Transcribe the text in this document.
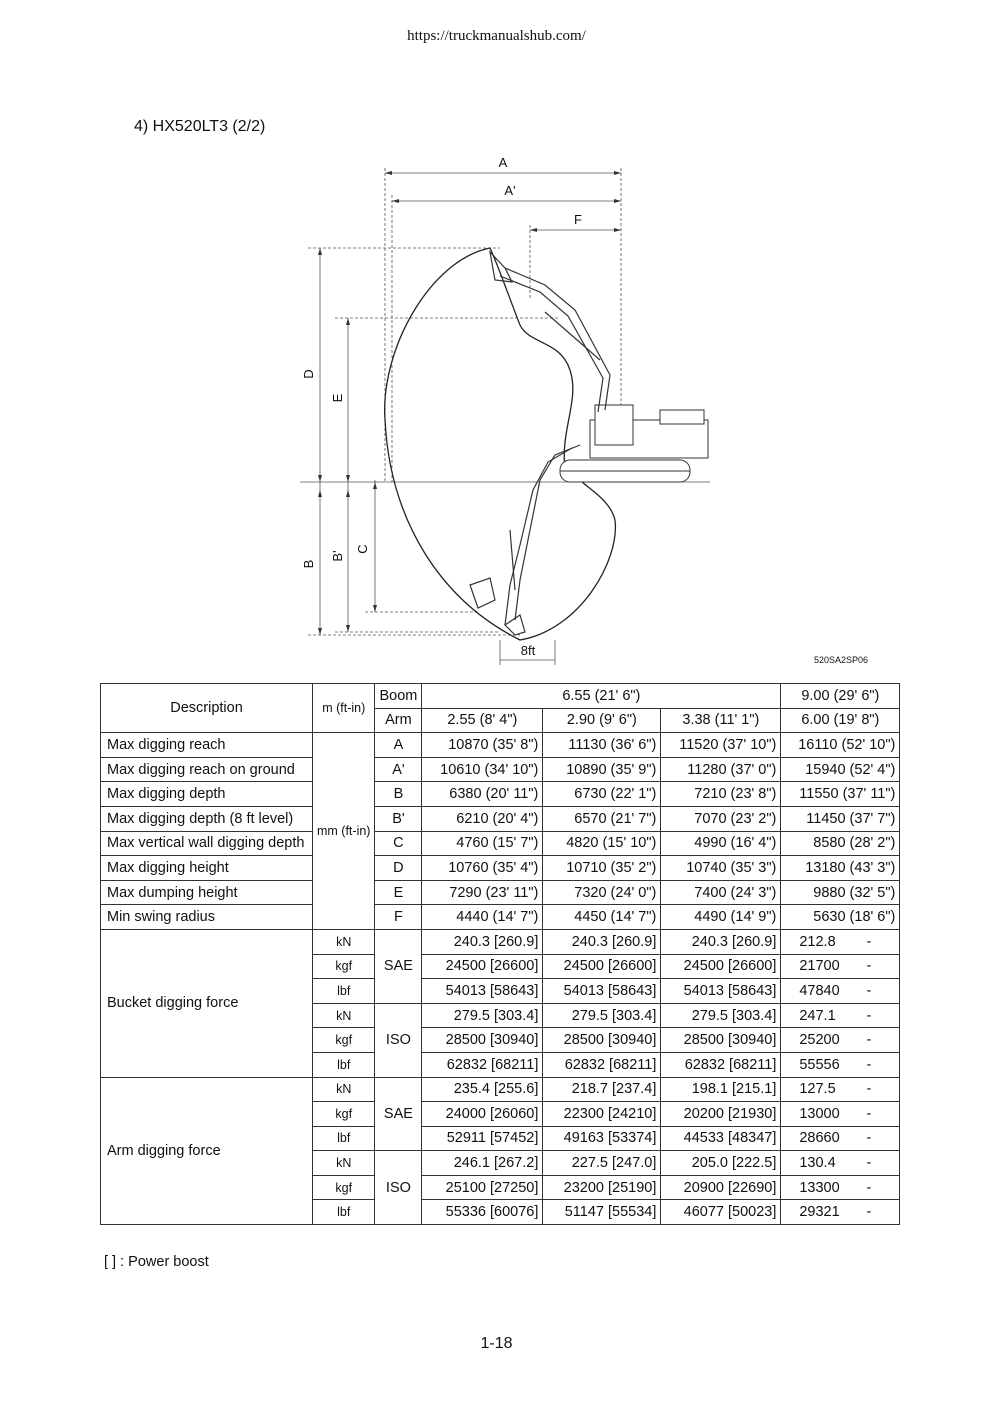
https://truckmanualshub.com/
4) HX520LT3 (2/2)
A
A'
F
D
E
B
B'
C
8ft
520SA2SP06
Description	m (ft-in)	Boom	6.55 (21' 6")			9.00 (29' 6")
		Arm	2.55 (8' 4")	2.90 (9' 6")	3.38 (11' 1")	6.00 (19' 8")
Max digging reach	mm (ft-in)	A	10870 (35' 8")	11130 (36' 6")	11520 (37' 10")	16110 (52' 10")
Max digging reach on ground		A'	10610 (34' 10")	10890 (35' 9")	11280 (37' 0")	15940 (52' 4")
Max digging depth		B	6380 (20' 11")	6730 (22' 1")	7210 (23' 8")	11550 (37' 11")
Max digging depth (8 ft level)		B'	6210 (20' 4")	6570 (21' 7")	7070 (23' 2")	11450 (37' 7")
Max vertical wall digging depth		C	4760 (15' 7")	4820 (15' 10")	4990 (16' 4")	8580 (28' 2")
Max digging height		D	10760 (35' 4")	10710 (35' 2")	10740 (35' 3")	13180 (43' 3")
Max dumping height		E	7290 (23' 11")	7320 (24' 0")	7400 (24' 3")	9880 (32' 5")
Min swing radius		F	4440 (14' 7")	4450 (14' 7")	4490 (14' 9")	5630 (18' 6")
Bucket digging force	kN	SAE	240.3 [260.9]	240.3 [260.9]	240.3 [260.9]	212.8 -

	kgf		24500 [26600]	24500 [26600]	24500 [26600]	21700 -

	lbf		54013 [58643]	54013 [58643]	54013 [58643]	47840 -

	kN	ISO	279.5 [303.4]	279.5 [303.4]	279.5 [303.4]	247.1 -

	kgf		28500 [30940]	28500 [30940]	28500 [30940]	25200 -

	lbf		62832 [68211]	62832 [68211]	62832 [68211]	55556 -

Arm digging force	kN	SAE	235.4 [255.6]	218.7 [237.4]	198.1 [215.1]	127.5 -

	kgf		24000 [26060]	22300 [24210]	20200 [21930]	13000 -

	lbf		52911 [57452]	49163 [53374]	44533 [48347]	28660 -

	kN	ISO	246.1 [267.2]	227.5 [247.0]	205.0 [222.5]	130.4 -

	kgf		25100 [27250]	23200 [25190]	20900 [22690]	13300 -

	lbf		55336 [60076]	51147 [55534]	46077 [50023]	29321 -
[ ] : Power boost
1-18
